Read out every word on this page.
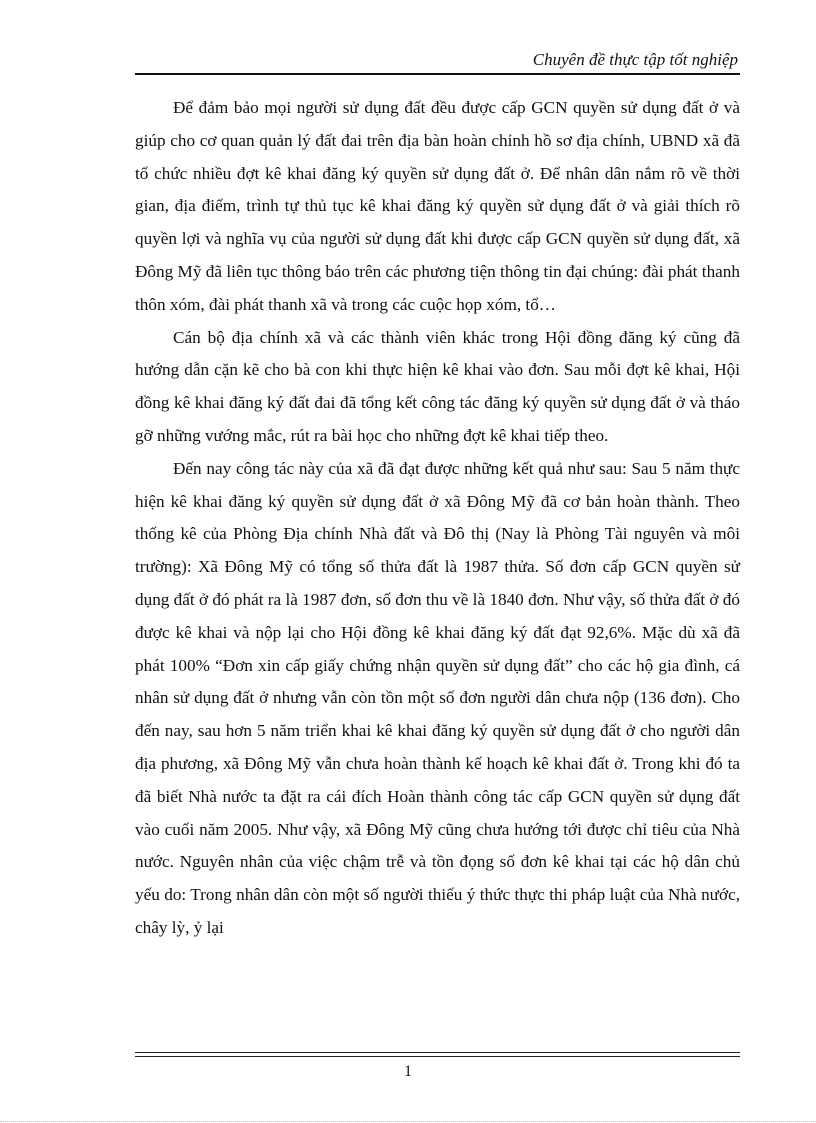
Chuyên đề thực tập tốt nghiệp

Để đảm bảo mọi người sử dụng đất đều được cấp GCN quyền sử dụng đất ở và giúp cho cơ quan quản lý đất đai trên địa bàn hoàn chỉnh hồ sơ địa chính, UBND xã đã tổ chức nhiều đợt kê khai đăng ký quyền sử dụng đất ở. Để nhân dân nắm rõ về thời gian, địa điểm, trình tự thủ tục kê khai đăng ký quyền sử dụng đất ở và giải thích rõ quyền lợi và nghĩa vụ của người sử dụng đất khi được cấp GCN quyền sử dụng đất, xã Đông Mỹ đã liên tục thông báo trên các phương tiện thông tin đại chúng: đài phát thanh thôn xóm, đài phát thanh xã và trong các cuộc họp xóm, tổ…

Cán bộ địa chính xã và các thành viên khác trong Hội đồng đăng ký cũng đã hướng dẫn cặn kẽ cho bà con khi thực hiện kê khai vào đơn. Sau mỗi đợt kê khai, Hội đồng kê khai đăng ký đất đai đã tổng kết công tác đăng ký quyền sử dụng đất ở và tháo gỡ những vướng mắc, rút ra bài học cho những đợt kê khai tiếp theo.

Đến nay công tác này của xã đã đạt được những kết quả như sau: Sau 5 năm thực hiện kê khai đăng ký quyền sử dụng đất ở xã Đông Mỹ đã cơ bản hoàn thành. Theo thống kê của Phòng Địa chính Nhà đất và Đô thị (Nay là Phòng Tài nguyên và môi trường): Xã Đông Mỹ có tổng số thửa đất là 1987 thửa. Số đơn cấp GCN quyền sử dụng đất ở đó phát ra là 1987 đơn, số đơn thu về là 1840 đơn. Như vậy, số thửa đất ở đó được kê khai và nộp lại cho Hội đồng kê khai đăng ký đất đạt 92,6%. Mặc dù xã đã phát 100% “Đơn xin cấp giấy chứng nhận quyền sử dụng đất” cho các hộ gia đình, cá nhân sử dụng đất ở nhưng vẫn còn tồn một số đơn người dân chưa nộp (136 đơn). Cho đến nay, sau hơn 5 năm triển khai kê khai đăng ký quyền sử dụng đất ở cho người dân địa phương, xã Đông Mỹ vẫn chưa hoàn thành kế hoạch kê khai đất ở. Trong khi đó ta đã biết Nhà nước ta đặt ra cái đích Hoàn thành công tác cấp GCN quyền sử dụng đất vào cuối năm 2005. Như vậy, xã Đông Mỹ cũng chưa hướng tới được chỉ tiêu của Nhà nước. Nguyên nhân của việc chậm trễ và tồn đọng số đơn kê khai tại các hộ dân chủ yếu do: Trong nhân dân còn một số người thiếu ý thức thực thi pháp luật của Nhà nước, chây lỳ, ỷ lại

1
